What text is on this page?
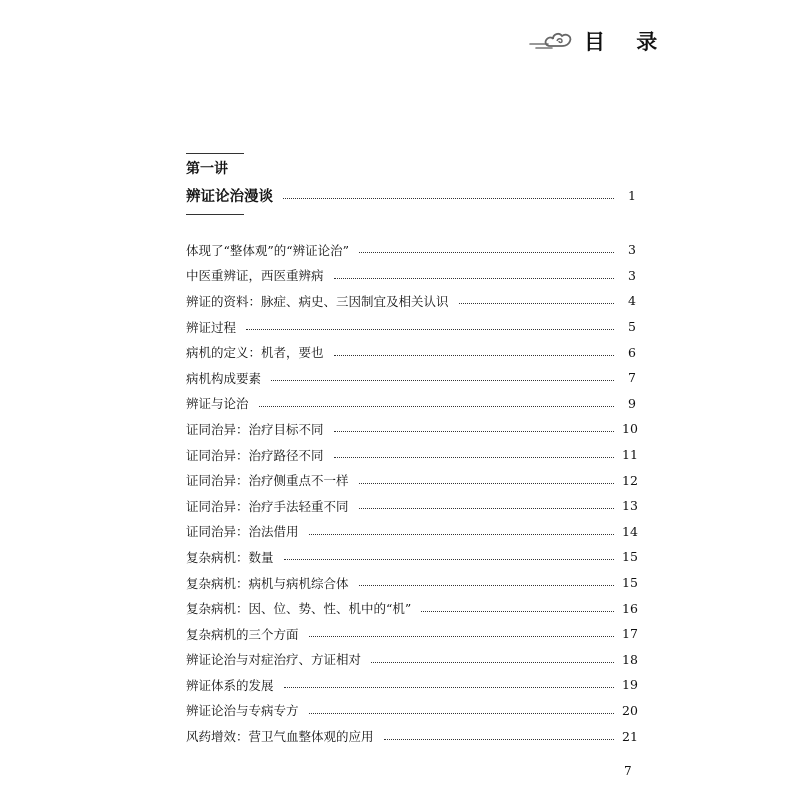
目 录
第一讲
辨证论治漫谈	1
体现了“整体观”的“辨证论治”	3
中医重辨证，西医重辨病	3
辨证的资料：脉症、病史、三因制宜及相关认识	4
辨证过程	5
病机的定义：机者，要也	6
病机构成要素	7
辨证与论治	9
证同治异：治疗目标不同	10
证同治异：治疗路径不同	11
证同治异：治疗侧重点不一样	12
证同治异：治疗手法轻重不同	13
证同治异：治法借用	14
复杂病机：数量	15
复杂病机：病机与病机综合体	15
复杂病机：因、位、势、性、机中的“机”	16
复杂病机的三个方面	17
辨证论治与对症治疗、方证相对	18
辨证体系的发展	19
辨证论治与专病专方	20
风药增效：营卫气血整体观的应用	21
7
